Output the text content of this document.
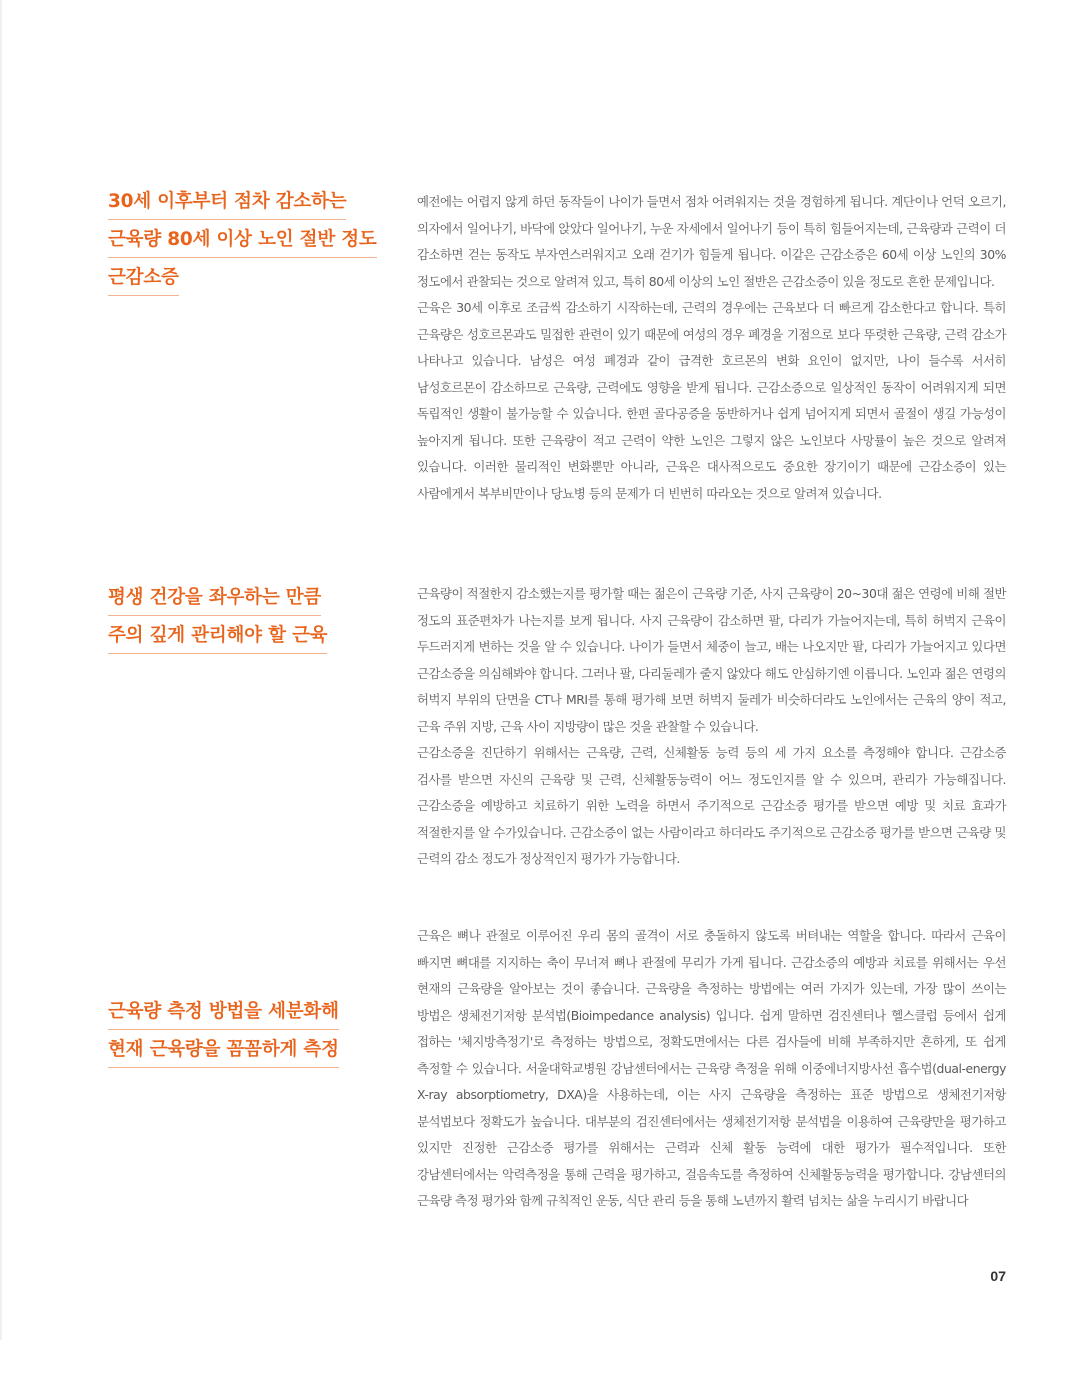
30세 이후부터 점차 감소하는
근육량 80세 이상 노인 절반 정도
근감소증

예전에는 어렵지 않게 하던 동작들이 나이가 들면서 점차 어려워지는 것을 경험하게 됩니다. 계단이나 언덕 오르기, 의자에서 일어나기, 바닥에 앉았다 일어나기, 누운 자세에서 일어나기 등이 특히 힘들어지는데, 근육량과 근력이 더 감소하면 걷는 동작도 부자연스러워지고 오래 걷기가 힘들게 됩니다. 이같은 근감소증은 60세 이상 노인의 30% 정도에서 관찰되는 것으로 알려져 있고, 특히 80세 이상의 노인 절반은 근감소증이 있을 정도로 흔한 문제입니다.

근육은 30세 이후로 조금씩 감소하기 시작하는데, 근력의 경우에는 근육보다 더 빠르게 감소한다고 합니다. 특히 근육량은 성호르몬과도 밀접한 관련이 있기 때문에 여성의 경우 폐경을 기점으로 보다 뚜렷한 근육량, 근력 감소가 나타나고 있습니다. 남성은 여성 폐경과 같이 급격한 호르몬의 변화 요인이 없지만, 나이 들수록 서서히 남성호르몬이 감소하므로 근육량, 근력에도 영향을 받게 됩니다. 근감소증으로 일상적인 동작이 어려워지게 되면 독립적인 생활이 불가능할 수 있습니다. 한편 골다공증을 동반하거나 쉽게 넘어지게 되면서 골절이 생길 가능성이 높아지게 됩니다. 또한 근육량이 적고 근력이 약한 노인은 그렇지 않은 노인보다 사망률이 높은 것으로 알려져 있습니다. 이러한 물리적인 변화뿐만 아니라, 근육은 대사적으로도 중요한 장기이기 때문에 근감소증이 있는 사람에게서 복부비만이나 당뇨병 등의 문제가 더 빈번히 따라오는 것으로 알려져 있습니다.

평생 건강을 좌우하는 만큼
주의 깊게 관리해야 할 근육

근육량이 적절한지 감소했는지를 평가할 때는 젊은이 근육량 기준, 사지 근육량이 20~30대 젊은 연령에 비해 절반 정도의 표준편차가 나는지를 보게 됩니다. 사지 근육량이 감소하면 팔, 다리가 가늘어지는데, 특히 허벅지 근육이 두드러지게 변하는 것을 알 수 있습니다. 나이가 들면서 체중이 늘고, 배는 나오지만 팔, 다리가 가늘어지고 있다면 근감소증을 의심해봐야 합니다. 그러나 팔, 다리둘레가 줄지 않았다 해도 안심하기엔 이릅니다. 노인과 젊은 연령의 허벅지 부위의 단면을 CT나 MRI를 통해 평가해 보면 허벅지 둘레가 비슷하더라도 노인에서는 근육의 양이 적고, 근육 주위 지방, 근육 사이 지방량이 많은 것을 관찰할 수 있습니다.

근감소증을 진단하기 위해서는 근육량, 근력, 신체활동 능력 등의 세 가지 요소를 측정해야 합니다. 근감소증 검사를 받으면 자신의 근육량 및 근력, 신체활동능력이 어느 정도인지를 알 수 있으며, 관리가 가능해집니다. 근감소증을 예방하고 치료하기 위한 노력을 하면서 주기적으로 근감소증 평가를 받으면 예방 및 치료 효과가 적절한지를 알 수가있습니다. 근감소증이 없는 사람이라고 하더라도 주기적으로 근감소증 평가를 받으면 근육량 및 근력의 감소 정도가 정상적인지 평가가 가능합니다.

근육량 측정 방법을 세분화해
현재 근육량을 꼼꼼하게 측정

근육은 뼈나 관절로 이루어진 우리 몸의 골격이 서로 충돌하지 않도록 버텨내는 역할을 합니다. 따라서 근육이 빠지면 뼈대를 지지하는 축이 무너져 뼈나 관절에 무리가 가게 됩니다. 근감소증의 예방과 치료를 위해서는 우선 현재의 근육량을 알아보는 것이 좋습니다. 근육량을 측정하는 방법에는 여러 가지가 있는데, 가장 많이 쓰이는 방법은 생체전기저항 분석법(Bioimpedance analysis) 입니다. 쉽게 말하면 검진센터나 헬스클럽 등에서 쉽게 접하는 '체지방측정기'로 측정하는 방법으로, 정확도면에서는 다른 검사들에 비해 부족하지만 흔하게, 또 쉽게 측정할 수 있습니다. 서울대학교병원 강남센터에서는 근육량 측정을 위해 이중에너지방사선 흡수법(dual-energy X-ray absorptiometry, DXA)을 사용하는데, 이는 사지 근육량을 측정하는 표준 방법으로 생체전기저항 분석법보다 정확도가 높습니다. 대부분의 검진센터에서는 생체전기저항 분석법을 이용하여 근육량만을 평가하고 있지만 진정한 근감소증 평가를 위해서는 근력과 신체 활동 능력에 대한 평가가 필수적입니다. 또한 강남센터에서는 악력측정을 통해 근력을 평가하고, 걸음속도를 측정하여 신체활동능력을 평가합니다. 강남센터의 근육량 측정 평가와 함께 규칙적인 운동, 식단 관리 등을 통해 노년까지 활력 넘치는 삶을 누리시기 바랍니다

07
